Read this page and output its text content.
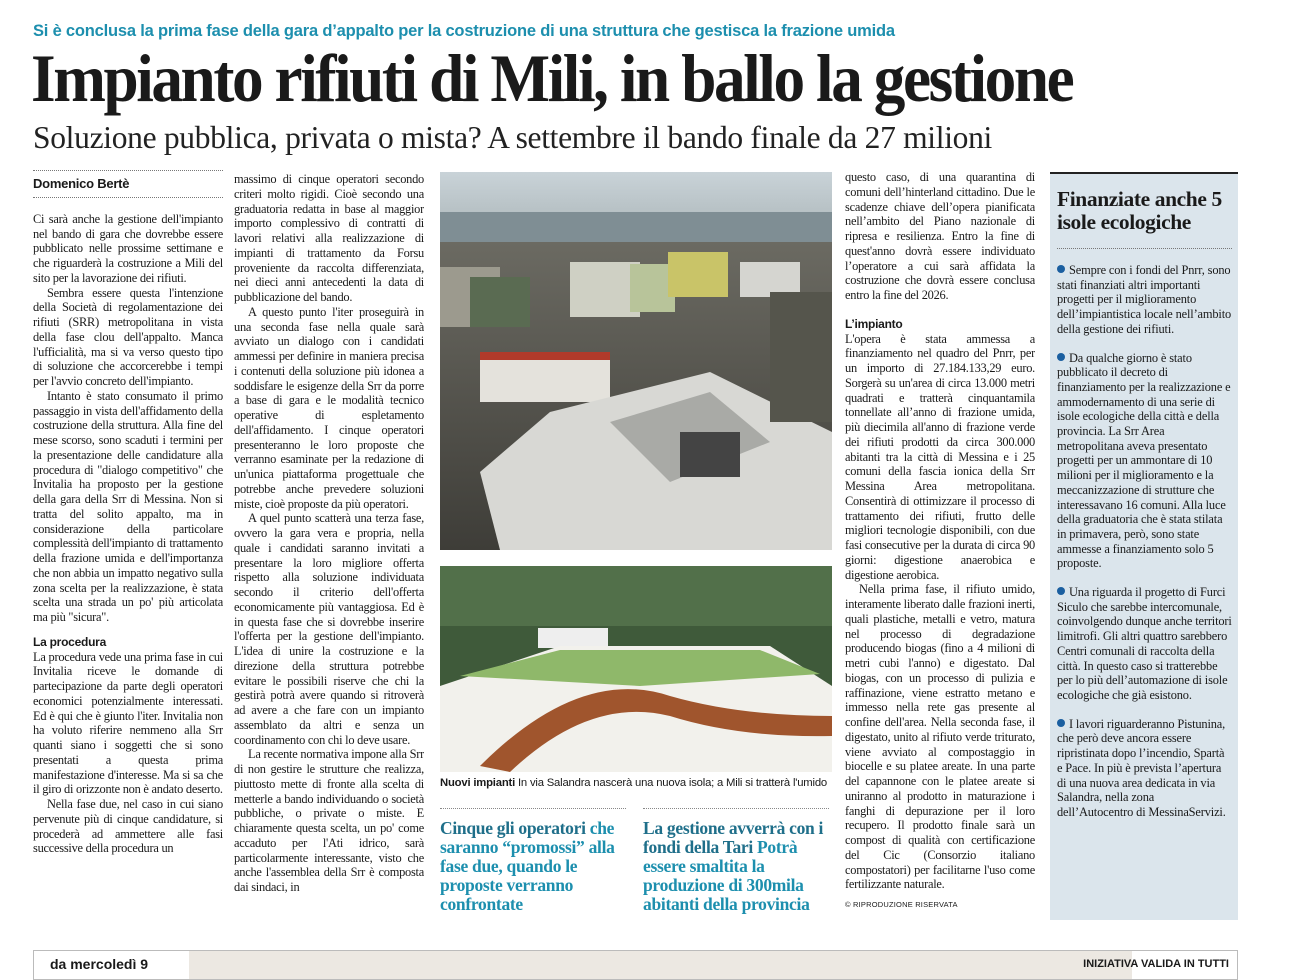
Si è conclusa la prima fase della gara d’appalto per la costruzione di una struttura che gestisca la frazione umida
Impianto rifiuti di Mili, in ballo la gestione
Soluzione pubblica, privata o mista? A settembre il bando finale da 27 milioni
Domenico Bertè

Ci sarà anche la gestione dell'impianto nel bando di gara che dovrebbe essere pubblicato nelle prossime settimane e che riguarderà la costruzione a Mili del sito per la lavorazione dei rifiuti.

Sembra essere questa l'intenzione della Società di regolamentazione dei rifiuti (SRR) metropolitana in vista della fase clou dell'appalto. Manca l'ufficialità, ma si va verso questo tipo di soluzione che accorcerebbe i tempi per l'avvio concreto dell'impianto.

Intanto è stato consumato il primo passaggio in vista dell'affidamento della costruzione della struttura. Alla fine del mese scorso, sono scaduti i termini per la presentazione delle candidature alla procedura di "dialogo competitivo" che Invitalia ha proposto per la gestione della gara della Srr di Messina. Non si tratta del solito appalto, ma in considerazione della particolare complessità dell'impianto di trattamento della frazione umida e dell'importanza che non abbia un impatto negativo sulla zona scelta per la realizzazione, è stata scelta una strada un po' più articolata ma più "sicura".

La procedura

La procedura vede una prima fase in cui Invitalia riceve le domande di partecipazione da parte degli operatori economici potenzialmente interessati. Ed è qui che è giunto l'iter. Invitalia non ha voluto riferire nemmeno alla Srr quanti siano i soggetti che si sono presentati a questa prima manifestazione d'interesse. Ma si sa che il giro di orizzonte non è andato deserto.

Nella fase due, nel caso in cui siano pervenute più di cinque candidature, si procederà ad ammettere alle fasi successive della procedura un

massimo di cinque operatori secondo criteri molto rigidi. Cioè secondo una graduatoria redatta in base al maggior importo complessivo di contratti di lavori relativi alla realizzazione di impianti di trattamento da Forsu proveniente da raccolta differenziata, nei dieci anni antecedenti la data di pubblicazione del bando.

A questo punto l'iter proseguirà in una seconda fase nella quale sarà avviato un dialogo con i candidati ammessi per definire in maniera precisa i contenuti della soluzione più idonea a soddisfare le esigenze della Srr da porre a base di gara e le modalità tecnico operative di espletamento dell'affidamento. I cinque operatori presenteranno le loro proposte che verranno esaminate per la redazione di un'unica piattaforma progettuale che potrebbe anche prevedere soluzioni miste, cioè proposte da più operatori.

A quel punto scatterà una terza fase, ovvero la gara vera e propria, nella quale i candidati saranno invitati a presentare la loro migliore offerta rispetto alla soluzione individuata secondo il criterio dell'offerta economicamente più vantaggiosa. Ed è in questa fase che si dovrebbe inserire l'offerta per la gestione dell'impianto. L'idea di unire la costruzione e la direzione della struttura potrebbe evitare le possibili riserve che chi la gestirà potrà avere quando si ritroverà ad avere a che fare con un impianto assemblato da altri e senza un coordinamento con chi lo deve usare.

La recente normativa impone alla Srr di non gestire le strutture che realizza, piuttosto mette di fronte alla scelta di metterle a bando individuando o società pubbliche, o private o miste. E chiaramente questa scelta, un po' come accaduto per l'Ati idrico, sarà particolarmente interessante, visto che anche l'assemblea della Srr è composta dai sindaci, in

Nuovi impianti In via Salandra nascerà una nuova isola; a Mili si tratterà l'umido
Cinque gli operatori che saranno “promossi” alla fase due, quando le proposte verranno confrontate
La gestione avverrà con i fondi della Tari Potrà essere smaltita la produzione di 300mila abitanti della provincia

questo caso, di una quarantina di comuni dell’hinterland cittadino. Due le scadenze chiave dell’opera pianificata nell’ambito del Piano nazionale di ripresa e resilienza. Entro la fine di quest'anno dovrà essere individuato l’operatore a cui sarà affidata la costruzione che dovrà essere conclusa entro la fine del 2026.

L’impianto

L'opera è stata ammessa a finanziamento nel quadro del Pnrr, per un importo di 27.184.133,29 euro. Sorgerà su un'area di circa 13.000 metri quadrati e tratterà cinquantamila tonnellate all’anno di frazione umida, più diecimila all'anno di frazione verde dei rifiuti prodotti da circa 300.000 abitanti tra la città di Messina e i 25 comuni della fascia ionica della Srr Messina Area metropolitana. Consentirà di ottimizzare il processo di trattamento dei rifiuti, frutto delle migliori tecnologie disponibili, con due fasi consecutive per la durata di circa 90 giorni: digestione anaerobica e digestione aerobica.

Nella prima fase, il rifiuto umido, interamente liberato dalle frazioni inerti, quali plastiche, metalli e vetro, matura nel processo di degradazione producendo biogas (fino a 4 milioni di metri cubi l'anno) e digestato. Dal biogas, con un processo di pulizia e raffinazione, viene estratto metano e immesso nella rete gas presente al confine dell'area. Nella seconda fase, il digestato, unito al rifiuto verde triturato, viene avviato al compostaggio in biocelle e su platee areate. In una parte del capannone con le platee areate si uniranno al prodotto in maturazione i fanghi di depurazione per il loro recupero. Il prodotto finale sarà un compost di qualità con certificazione del Cic (Consorzio italiano compostatori) per facilitarne l'uso come fertilizzante naturale.

© RIPRODUZIONE RISERVATA
Finanziate anche 5 isole ecologiche

Sempre con i fondi del Pnrr, sono stati finanziati altri importanti progetti per il miglioramento dell’impiantistica locale nell’ambito della gestione dei rifiuti.

Da qualche giorno è stato pubblicato il decreto di finanziamento per la realizzazione e ammodernamento di una serie di isole ecologiche della città e della provincia. La Srr Area metropolitana aveva presentato progetti per un ammontare di 10 milioni per il miglioramento e la meccanizzazione di strutture che interessavano 16 comuni. Alla luce della graduatoria che è stata stilata in primavera, però, sono state ammesse a finanziamento solo 5 proposte.

Una riguarda il progetto di Furci Siculo che sarebbe intercomunale, coinvolgendo dunque anche territori limitrofi. Gli altri quattro sarebbero Centri comunali di raccolta della città. In questo caso si tratterebbe per lo più dell’automazione di isole ecologiche che già esistono.

I lavori riguarderanno Pistunina, che però deve ancora essere ripristinata dopo l’incendio, Spartà e Pace. In più è prevista l’apertura di una nuova area dedicata in via Salandra, nella zona dell’Autocentro di MessinaServizi.

da mercoledì 9	INIZIATIVA VALIDA IN TUTTI
